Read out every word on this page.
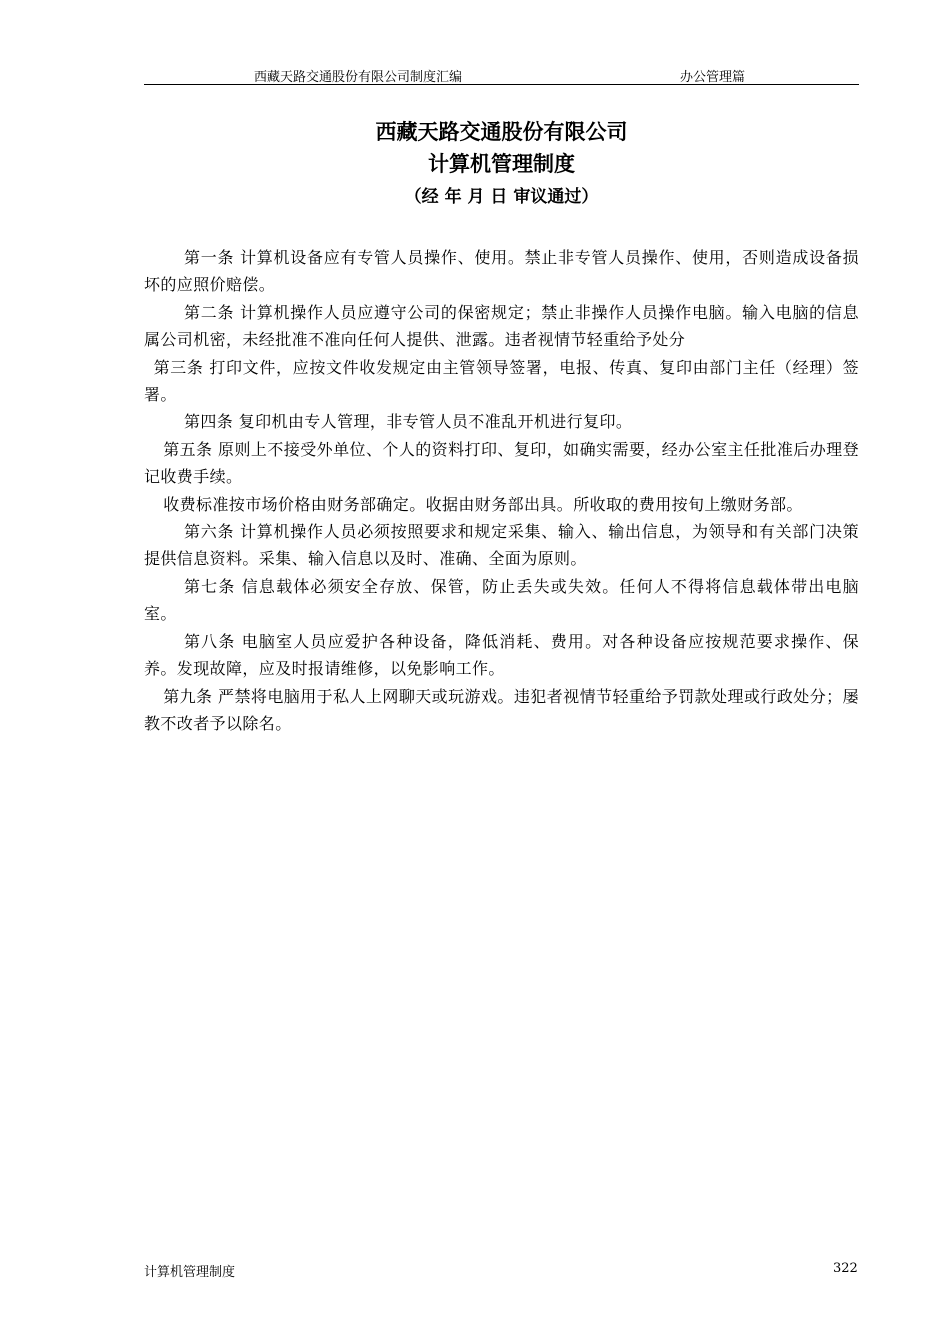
西藏天路交通股份有限公司制度汇编	办公管理篇
西藏天路交通股份有限公司
计算机管理制度
（经 年 月 日 审议通过）

第一条 计算机设备应有专管人员操作、使用。禁止非专管人员操作、使用，否则造成设备损坏的应照价赔偿。

第二条 计算机操作人员应遵守公司的保密规定；禁止非操作人员操作电脑。输入电脑的信息属公司机密，未经批准不准向任何人提供、泄露。违者视情节轻重给予处分

第三条 打印文件，应按文件收发规定由主管领导签署，电报、传真、复印由部门主任（经理）签署。

第四条 复印机由专人管理，非专管人员不准乱开机进行复印。

第五条 原则上不接受外单位、个人的资料打印、复印，如确实需要，经办公室主任批准后办理登记收费手续。

收费标准按市场价格由财务部确定。收据由财务部出具。所收取的费用按旬上缴财务部。

第六条 计算机操作人员必须按照要求和规定采集、输入、输出信息，为领导和有关部门决策提供信息资料。采集、输入信息以及时、准确、全面为原则。

第七条 信息载体必须安全存放、保管，防止丢失或失效。任何人不得将信息载体带出电脑室。

第八条 电脑室人员应爱护各种设备，降低消耗、费用。对各种设备应按规范要求操作、保养。发现故障，应及时报请维修，以免影响工作。

第九条 严禁将电脑用于私人上网聊天或玩游戏。违犯者视情节轻重给予罚款处理或行政处分；屡教不改者予以除名。

计算机管理制度	322
